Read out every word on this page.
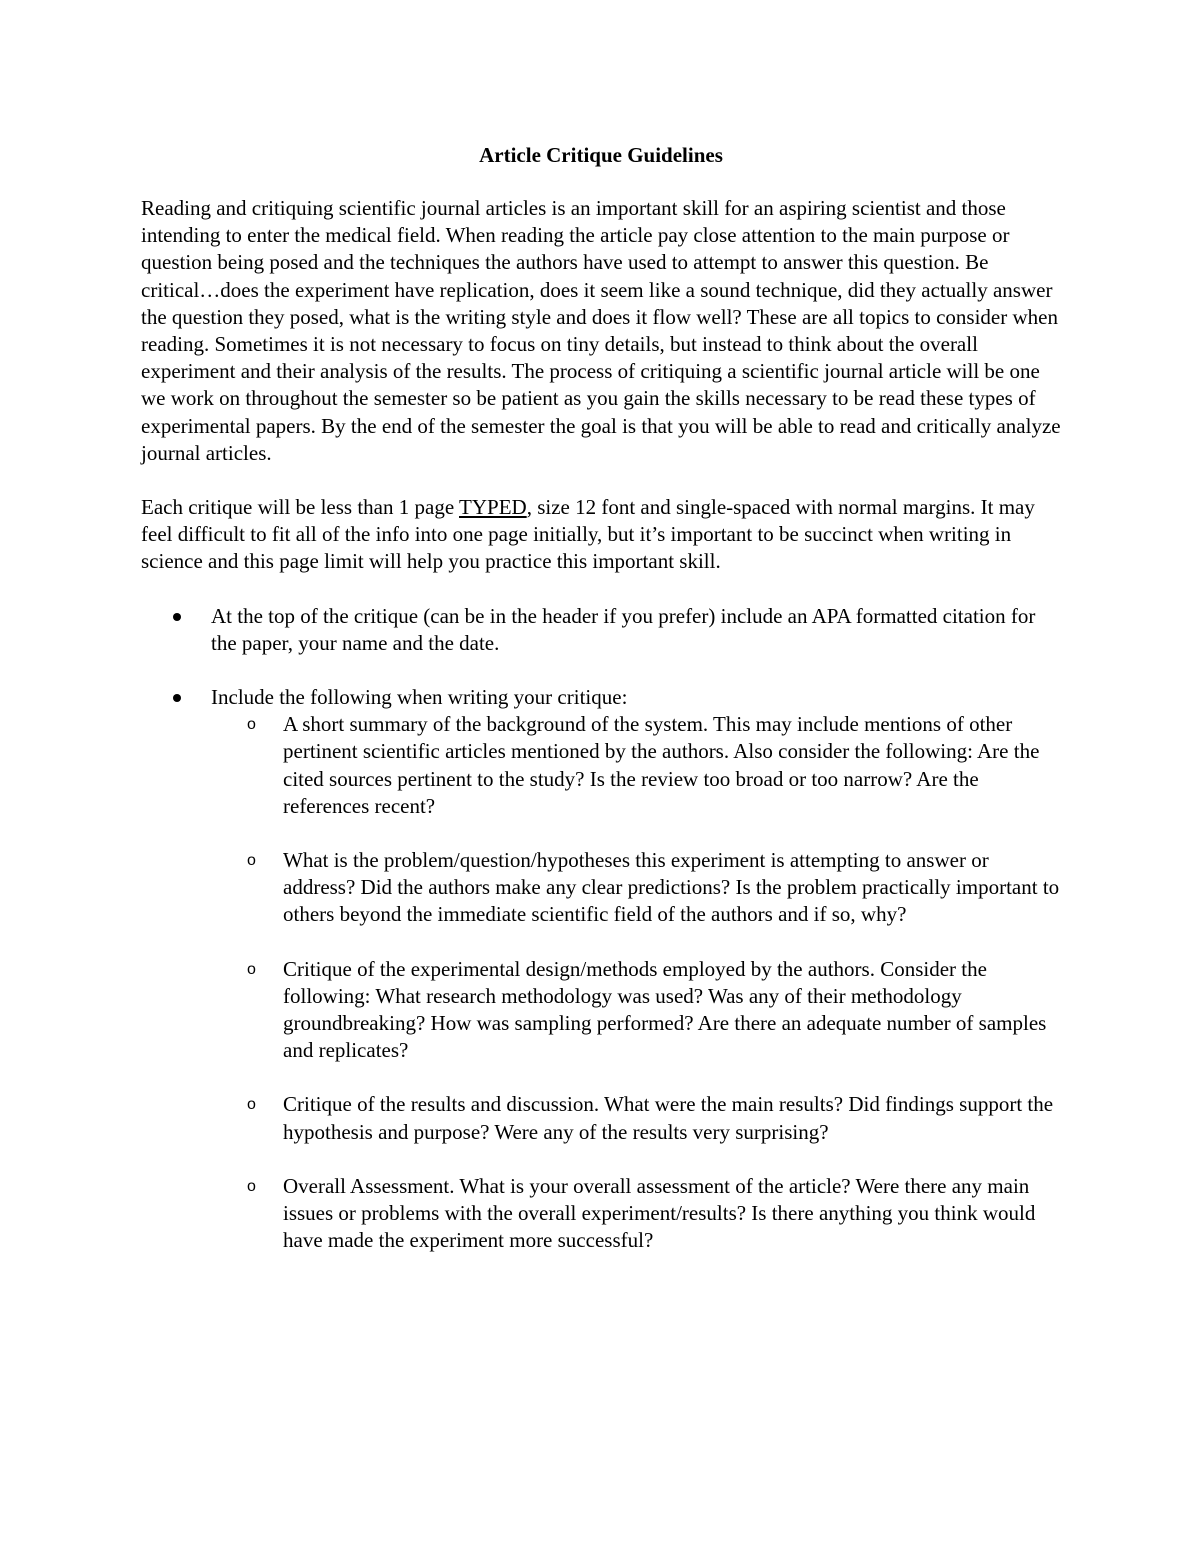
Article Critique Guidelines

Reading and critiquing scientific journal articles is an important skill for an aspiring scientist and those intending to enter the medical field. When reading the article pay close attention to the main purpose or question being posed and the techniques the authors have used to attempt to answer this question. Be critical…does the experiment have replication, does it seem like a sound technique, did they actually answer the question they posed, what is the writing style and does it flow well? These are all topics to consider when reading. Sometimes it is not necessary to focus on tiny details, but instead to think about the overall experiment and their analysis of the results. The process of critiquing a scientific journal article will be one we work on throughout the semester so be patient as you gain the skills necessary to be read these types of experimental papers. By the end of the semester the goal is that you will be able to read and critically analyze journal articles.

Each critique will be less than 1 page TYPED, size 12 font and single-spaced with normal margins. It may feel difficult to fit all of the info into one page initially, but it’s important to be succinct when writing in science and this page limit will help you practice this important skill.

At the top of the critique (can be in the header if you prefer) include an APA formatted citation for the paper, your name and the date.
Include the following when writing your critique:
o A short summary of the background of the system. This may include mentions of other pertinent scientific articles mentioned by the authors. Also consider the following: Are the cited sources pertinent to the study? Is the review too broad or too narrow? Are the references recent?
o What is the problem/question/hypotheses this experiment is attempting to answer or address? Did the authors make any clear predictions? Is the problem practically important to others beyond the immediate scientific field of the authors and if so, why?
o Critique of the experimental design/methods employed by the authors. Consider the following: What research methodology was used? Was any of their methodology groundbreaking? How was sampling performed? Are there an adequate number of samples and replicates?
o Critique of the results and discussion. What were the main results? Did findings support the hypothesis and purpose? Were any of the results very surprising?
o Overall Assessment. What is your overall assessment of the article? Were there any main issues or problems with the overall experiment/results? Is there anything you think would have made the experiment more successful?
